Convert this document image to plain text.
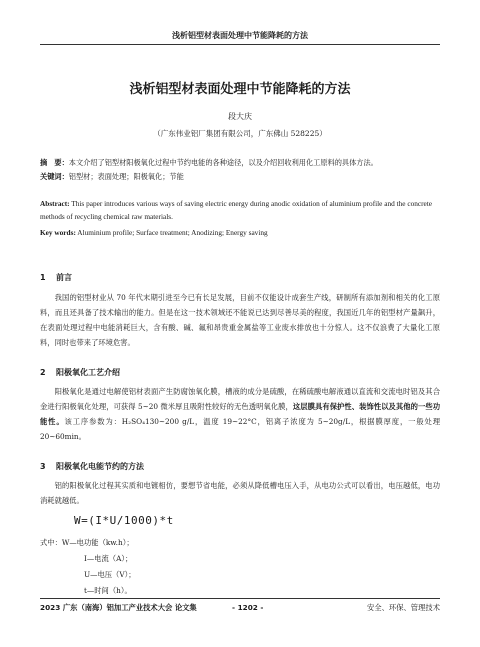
浅析铝型材表面处理中节能降耗的方法
浅析铝型材表面处理中节能降耗的方法
段大庆
（广东伟业铝厂集团有限公司，广东佛山 528225）
摘　要：本文介绍了铝型材阳极氧化过程中节约电能的各种途径，以及介绍回收利用化工原料的具体方法。
关键词：铝型材；表面处理；阳极氧化；节能
Abstract: This paper introduces various ways of saving electric energy during anodic oxidation of aluminium profile and the concrete methods of recycling chemical raw materials.
Key words: Aluminium profile; Surface treatment; Anodizing; Energy saving
1 前言
我国的铝型材业从 70 年代末期引进至今已有长足发展，目前不仅能设计成套生产线，研制所有添加剂和相关的化工原料，而且还具备了技术输出的能力。但是在这一技术领域还不能说已达到尽善尽美的程度，我国近几年的铝型材产量飙升，在表面处理过程中电能消耗巨大，含有酸、碱、氟和昂贵重金属盐等工业废水排放也十分惊人。这不仅浪费了大量化工原料，同时也带来了环境危害。
2 阳极氧化工艺介绍
阳极氧化是通过电解使铝材表面产生防腐蚀氧化膜，槽液的成分是硫酸，在稀硫酸电解液通以直流和交流电时铝及其合金进行阳极氧化处理，可获得 5~20 微米厚且吸附性较好的无色透明氧化膜，这层膜具有保护性、装饰性以及其他的一些功能性。该工序参数为：H₂SO₄130~200 g/L，温度 19~22°C，铝离子浓度为 5~20g/L，根据膜厚度，一般处理 20~60min。
3 阳极氧化电能节约的方法
铝的阳极氧化过程其实质和电镀相仿，要想节省电能，必须从降低槽电压入手，从电功公式可以看出，电压越低，电功消耗就越低。
W=(I*U/1000)*t
式中：W—电功能（kw.h）；
I—电流（A）；
U—电压（V）；
t—时间（h）。
2023 广东（南海）铝加工产业技术大会 论文集	- 1202 -	安全、环保、管理技术
